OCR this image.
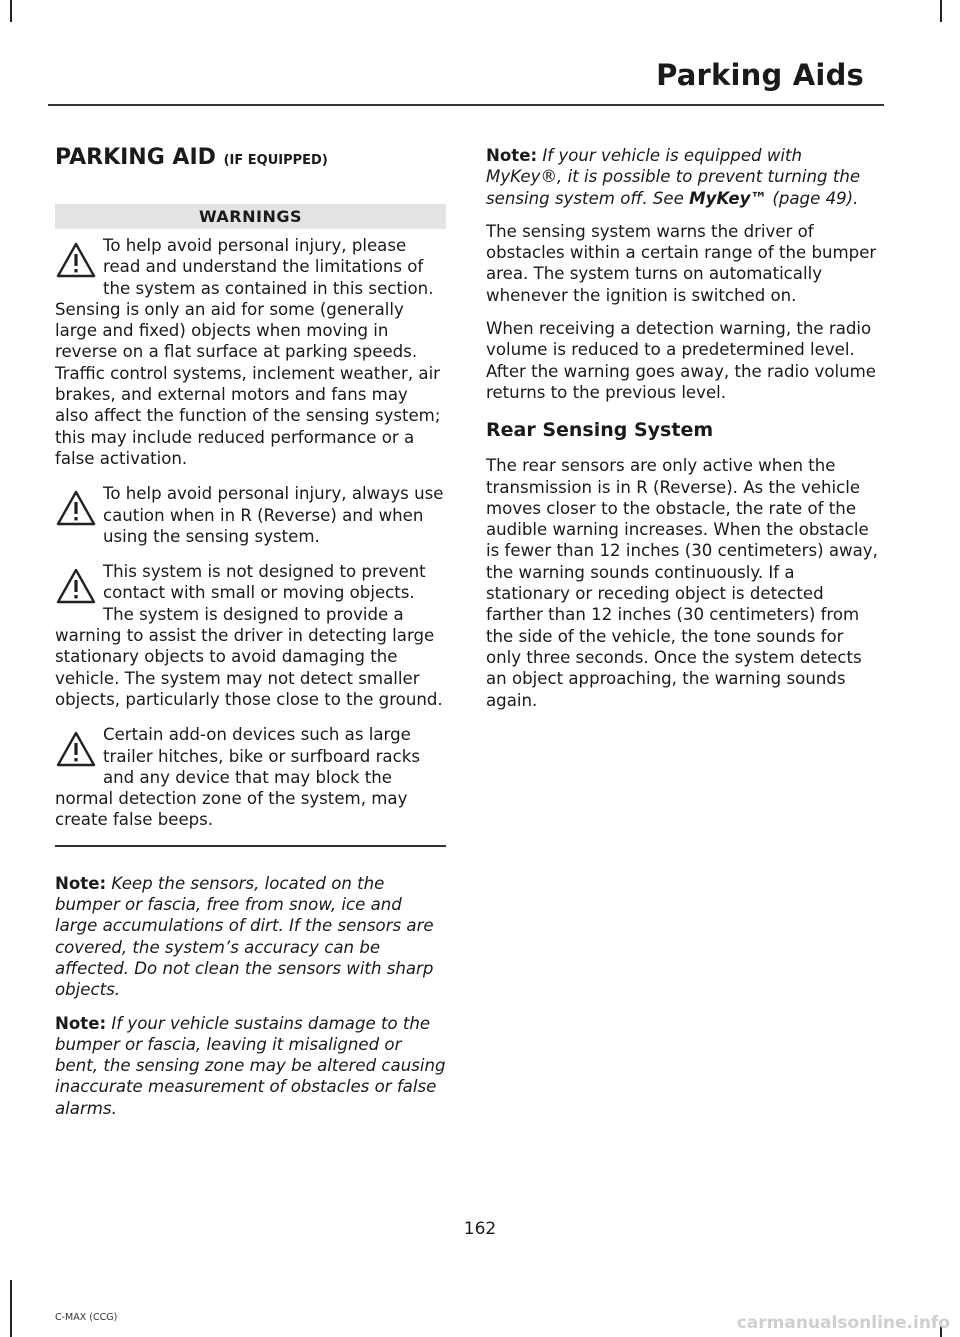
Parking Aids
PARKING AID (IF EQUIPPED)
WARNINGS

To help avoid personal injury, please read and understand the limitations of the system as contained in this section. Sensing is only an aid for some (generally large and fixed) objects when moving in reverse on a flat surface at parking speeds. Traffic control systems, inclement weather, air brakes, and external motors and fans may also affect the function of the sensing system; this may include reduced performance or a false activation.

To help avoid personal injury, always use caution when in R (Reverse) and when using the sensing system.

This system is not designed to prevent contact with small or moving objects. The system is designed to provide a warning to assist the driver in detecting large stationary objects to avoid damaging the vehicle. The system may not detect smaller objects, particularly those close to the ground.

Certain add-on devices such as large trailer hitches, bike or surfboard racks and any device that may block the normal detection zone of the system, may create false beeps.

Note: Keep the sensors, located on the bumper or fascia, free from snow, ice and large accumulations of dirt. If the sensors are covered, the system’s accuracy can be affected. Do not clean the sensors with sharp objects.

Note: If your vehicle sustains damage to the bumper or fascia, leaving it misaligned or bent, the sensing zone may be altered causing inaccurate measurement of obstacles or false alarms.

Note: If your vehicle is equipped with MyKey®, it is possible to prevent turning the sensing system off. See MyKey™ (page 49).

The sensing system warns the driver of obstacles within a certain range of the bumper area. The system turns on automatically whenever the ignition is switched on.

When receiving a detection warning, the radio volume is reduced to a predetermined level. After the warning goes away, the radio volume returns to the previous level.

Rear Sensing System

The rear sensors are only active when the transmission is in R (Reverse). As the vehicle moves closer to the obstacle, the rate of the audible warning increases. When the obstacle is fewer than 12 inches (30 centimeters) away, the warning sounds continuously. If a stationary or receding object is detected farther than 12 inches (30 centimeters) from the side of the vehicle, the tone sounds for only three seconds. Once the system detects an object approaching, the warning sounds again.

162
C-MAX (CCG)	carmanualsonline.info
